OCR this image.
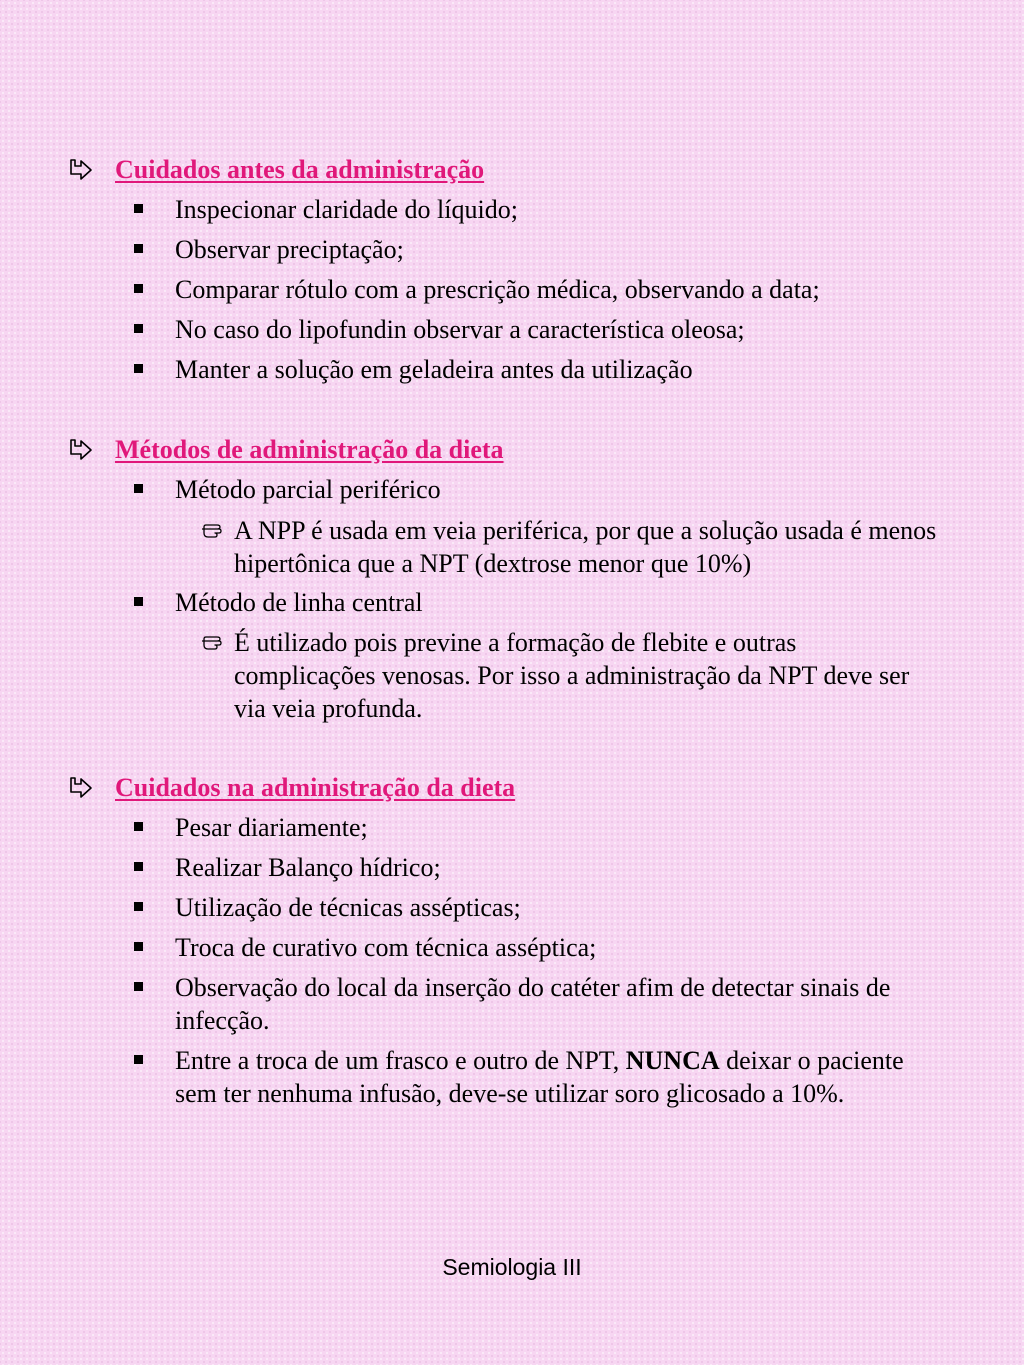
Cuidados antes da administração
Inspecionar claridade do líquido;
Observar preciptação;
Comparar rótulo com a prescrição médica, observando a data;
No caso do lipofundin observar a característica oleosa;
Manter a solução em geladeira antes da utilização
Métodos de administração da dieta
Método parcial periférico
A NPP é usada em veia periférica, por que a solução usada é menos hipertônica que a NPT (dextrose menor que 10%)
Método de linha central
É utilizado pois previne a formação de flebite e outras complicações venosas. Por isso a administração da NPT deve ser via veia profunda.
Cuidados na administração da dieta
Pesar diariamente;
Realizar Balanço hídrico;
Utilização de técnicas assépticas;
Troca de curativo com técnica asséptica;
Observação do local da inserção do catéter afim de detectar sinais de infecção.
Entre a troca de um frasco e outro de NPT, NUNCA deixar o paciente sem ter nenhuma infusão, deve-se utilizar soro glicosado a 10%.
Semiologia III
